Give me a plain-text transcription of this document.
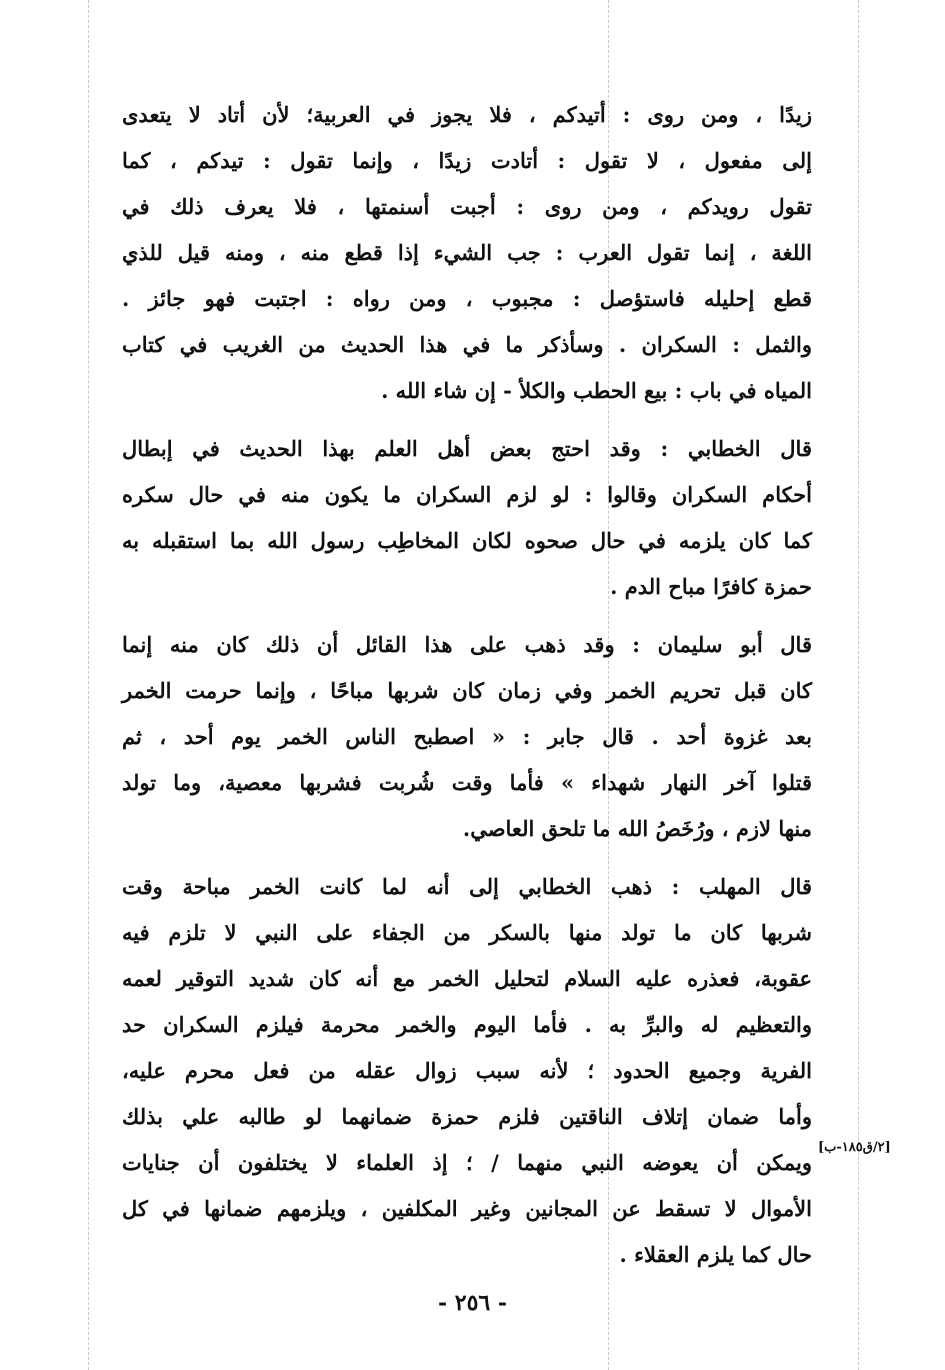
زيدًا ، ومن روى : أتيدكم ، فلا يجوز في العربية؛ لأن أتاد لا يتعدى
إلى مفعول ، لا تقول : أتادت زيدًا ، وإنما تقول : تيدكم ، كما
تقول رويدكم ، ومن روى : أجبت أسنمتها ، فلا يعرف ذلك في
اللغة ، إنما تقول العرب : جب الشيء إذا قطع منه ، ومنه قيل للذي
قطع إحليله فاستؤصل : مجبوب ، ومن رواه : اجتبت فهو جائز .
والثمل : السكران . وسأذكر ما في هذا الحديث من الغريب في كتاب
المياه في باب : بيع الحطب والكلأ - إن شاء الله .
قال الخطابي : وقد احتج بعض أهل العلم بهذا الحديث في إبطال
أحكام السكران وقالوا : لو لزم السكران ما يكون منه في حال سكره
كما كان يلزمه في حال صحوه لكان المخاطِب رسول الله بما استقبله به
حمزة كافرًا مباح الدم .
قال أبو سليمان : وقد ذهب على هذا القائل أن ذلك كان منه إنما
كان قبل تحريم الخمر وفي زمان كان شربها مباحًا ، وإنما حرمت الخمر
بعد غزوة أحد . قال جابر : « اصطبح الناس الخمر يوم أحد ، ثم
قتلوا آخر النهار شهداء » فأما وقت شُربت فشربها معصية، وما تولد
منها لازم ، ورُخَصُ الله ما تلحق العاصي.
قال المهلب : ذهب الخطابي إلى أنه لما كانت الخمر مباحة وقت
شربها كان ما تولد منها بالسكر من الجفاء على النبي لا تلزم فيه
عقوبة، فعذره عليه السلام لتحليل الخمر مع أنه كان شديد التوقير لعمه
والتعظيم له والبرِّ به . فأما اليوم والخمر محرمة فيلزم السكران حد
الفرية وجميع الحدود ؛ لأنه سبب زوال عقله من فعل محرم عليه،
وأما ضمان إتلاف الناقتين فلزم حمزة ضمانهما لو طالبه علي بذلك
ويمكن أن يعوضه النبي منهما / ؛ إذ العلماء لا يختلفون أن جنايات
الأموال لا تسقط عن المجانين وغير المكلفين ، ويلزمهم ضمانها في كل
حال كما يلزم العقلاء .
[٢/ق١٨٥-ب]
- ٢٥٦ -
